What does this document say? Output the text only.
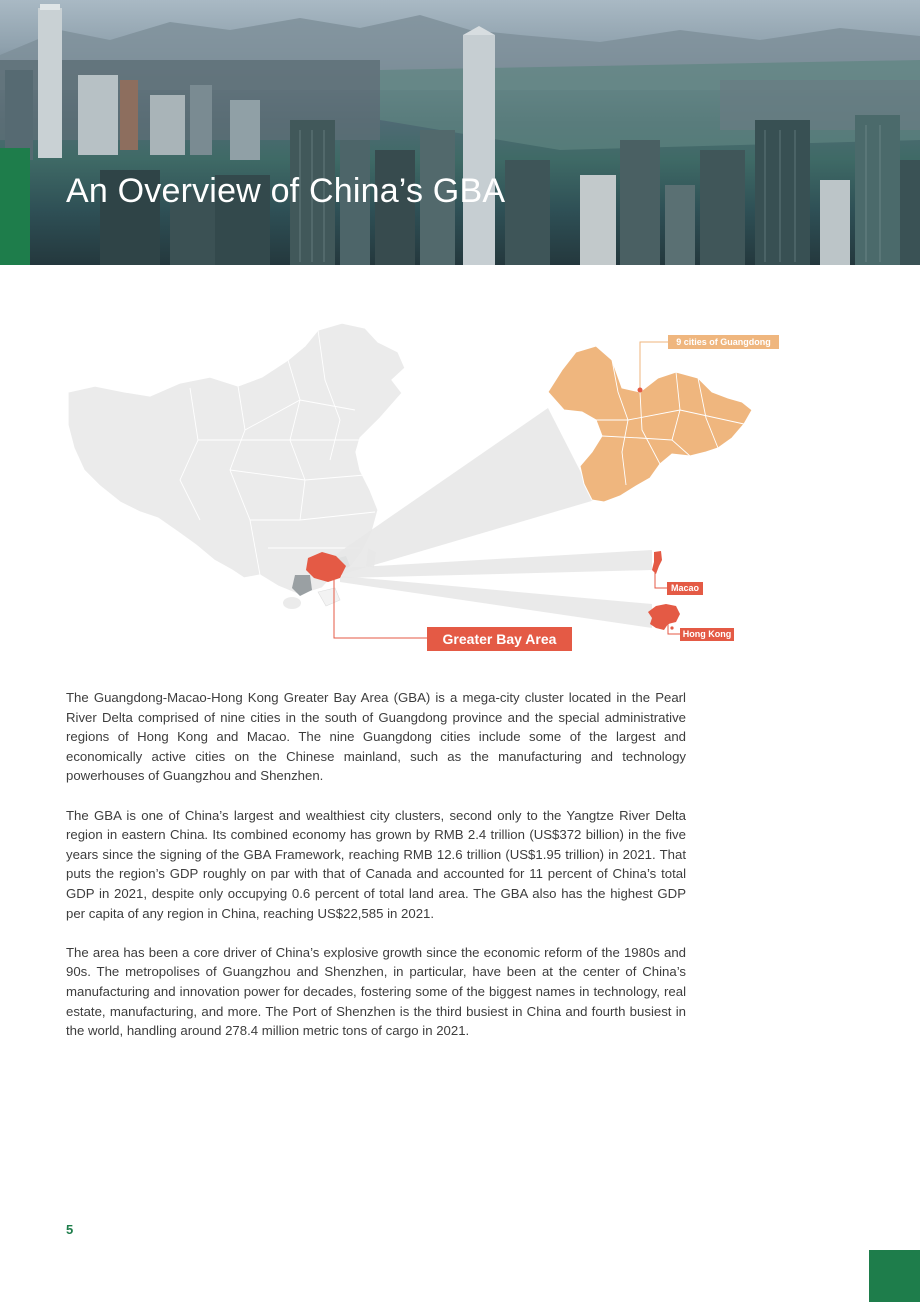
An Overview of China’s GBA
9 cities of Guangdong
Macao
Hong Kong
Greater Bay Area

The Guangdong-Macao-Hong Kong Greater Bay Area (GBA) is a mega-city cluster located in the Pearl River Delta comprised of nine cities in the south of Guangdong province and the special administrative regions of Hong Kong and Macao. The nine Guangdong cities include some of the largest and economically active cities on the Chinese mainland, such as the manufacturing and technology powerhouses of Guangzhou and Shenzhen.

The GBA is one of China’s largest and wealthiest city clusters, second only to the Yangtze River Delta region in eastern China. Its combined economy has grown by RMB 2.4 trillion (US$372 billion) in the five years since the signing of the GBA Framework, reaching RMB 12.6 trillion (US$1.95 trillion) in 2021. That puts the region’s GDP roughly on par with that of Canada and accounted for 11 percent of China’s total GDP in 2021, despite only occupying 0.6 percent of total land area. The GBA also has the highest GDP per capita of any region in China, reaching US$22,585 in 2021.

The area has been a core driver of China’s explosive growth since the economic reform of the 1980s and 90s. The metropolises of Guangzhou and Shenzhen, in particular, have been at the center of China’s manufacturing and innovation power for decades, fostering some of the biggest names in technology, real estate, manufacturing, and more. The Port of Shenzhen is the third busiest in China and fourth busiest in the world, handling around 278.4 million metric tons of cargo in 2021.

5
